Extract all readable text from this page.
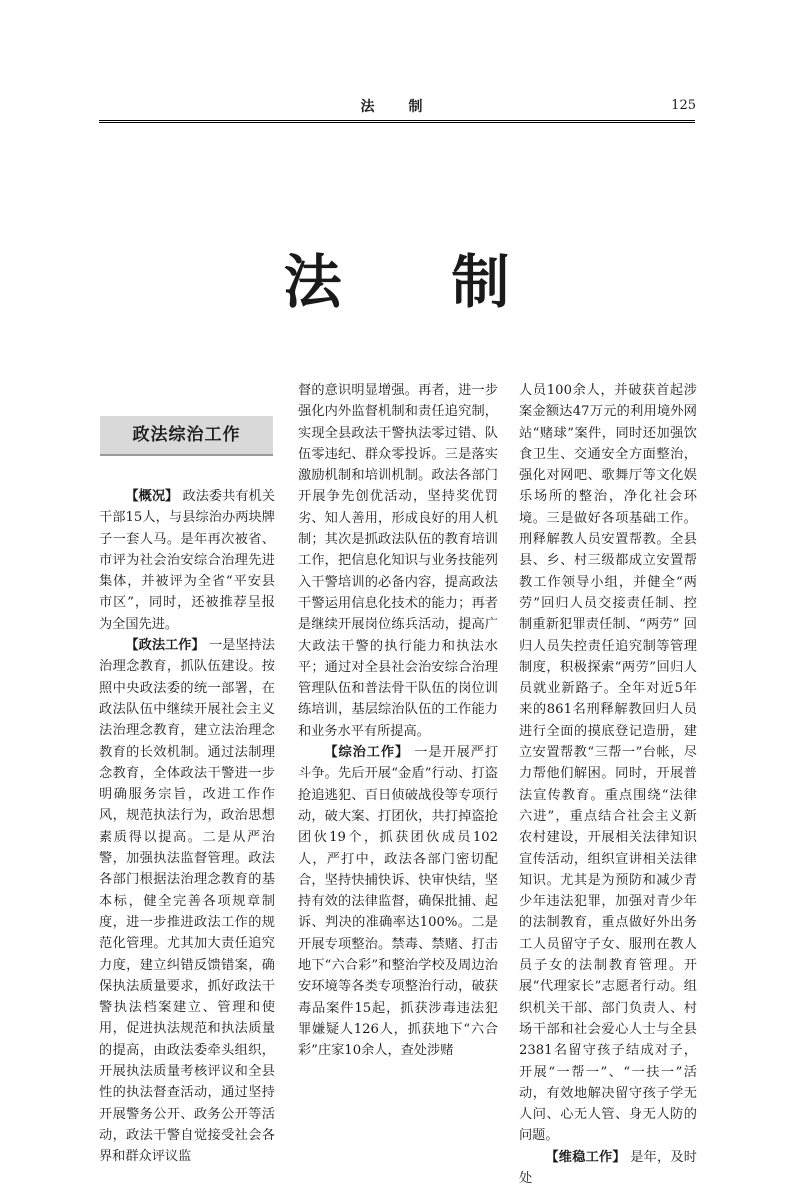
法　制	125
法 制
政法综治工作

【概况】 政法委共有机关干部15人，与县综治办两块牌子一套人马。是年再次被省、市评为社会治安综合治理先进集体，并被评为全省“平安县市区”，同时，还被推荐呈报为全国先进。

【政法工作】 一是坚持法治理念教育，抓队伍建设。按照中央政法委的统一部署，在政法队伍中继续开展社会主义法治理念教育，建立法治理念教育的长效机制。通过法制理念教育，全体政法干警进一步明确服务宗旨，改进工作作风，规范执法行为，政治思想素质得以提高。二是从严治警，加强执法监督管理。政法各部门根据法治理念教育的基本标，健全完善各项规章制度，进一步推进政法工作的规范化管理。尤其加大责任追究力度，建立纠错反馈错案，确保执法质量要求，抓好政法干警执法档案建立、管理和使用，促进执法规范和执法质量的提高，由政法委牵头组织，开展执法质量考核评议和全县性的执法督查活动，通过坚持开展警务公开、政务公开等活动，政法干警自觉接受社会各界和群众评议监

督的意识明显增强。再者，进一步强化内外监督机制和责任追究制，实现全县政法干警执法零过错、队伍零违纪、群众零投诉。三是落实激励机制和培训机制。政法各部门开展争先创优活动，坚持奖优罚劣、知人善用，形成良好的用人机制；其次是抓政法队伍的教育培训工作，把信息化知识与业务技能列入干警培训的必备内容，提高政法干警运用信息化技术的能力；再者是继续开展岗位练兵活动，提高广大政法干警的执行能力和执法水平；通过对全县社会治安综合治理管理队伍和普法骨干队伍的岗位训练培训，基层综治队伍的工作能力和业务水平有所提高。

【综治工作】 一是开展严打斗争。先后开展“金盾”行动、打盗抢追逃犯、百日侦破战役等专项行动，破大案、打团伙，共打掉盗抢团伙19个，抓获团伙成员102人，严打中，政法各部门密切配合，坚持快捕快诉、快审快结，坚持有效的法律监督，确保批捕、起诉、判决的准确率达100%。二是开展专项整治。禁毒、禁赌、打击地下“六合彩”和整治学校及周边治安环境等各类专项整治行动，破获毒品案件15起，抓获涉毒违法犯罪嫌疑人126人，抓获地下“六合彩”庄家10余人，查处涉赌

人员100余人，并破获首起涉案金额达47万元的利用境外网站“赌球”案件，同时还加强饮食卫生、交通安全方面整治，强化对网吧、歌舞厅等文化娱乐场所的整治，净化社会环境。三是做好各项基础工作。刑释解教人员安置帮教。全县县、乡、村三级都成立安置帮教工作领导小组，并健全“两劳”回归人员交接责任制、控制重新犯罪责任制、“两劳” 回归人员失控责任追究制等管理制度，积极探索“两劳”回归人员就业新路子。全年对近5年来的861名刑释解教回归人员进行全面的摸底登记造册，建立安置帮教“三帮一”台帐，尽力帮他们解困。同时，开展普法宣传教育。重点围绕“法律六进”，重点结合社会主义新农村建设，开展相关法律知识宣传活动，组织宣讲相关法律知识。尤其是为预防和减少青少年违法犯罪，加强对青少年的法制教育，重点做好外出务工人员留守子女、服刑在教人员子女的法制教育管理。开展“代理家长”志愿者行动。组织机关干部、部门负责人、村场干部和社会爱心人士与全县2381名留守孩子结成对子，开展“一帮一”、“一扶一”活动，有效地解决留守孩子学无人问、心无人管、身无人防的问题。

【维稳工作】 是年，及时处
